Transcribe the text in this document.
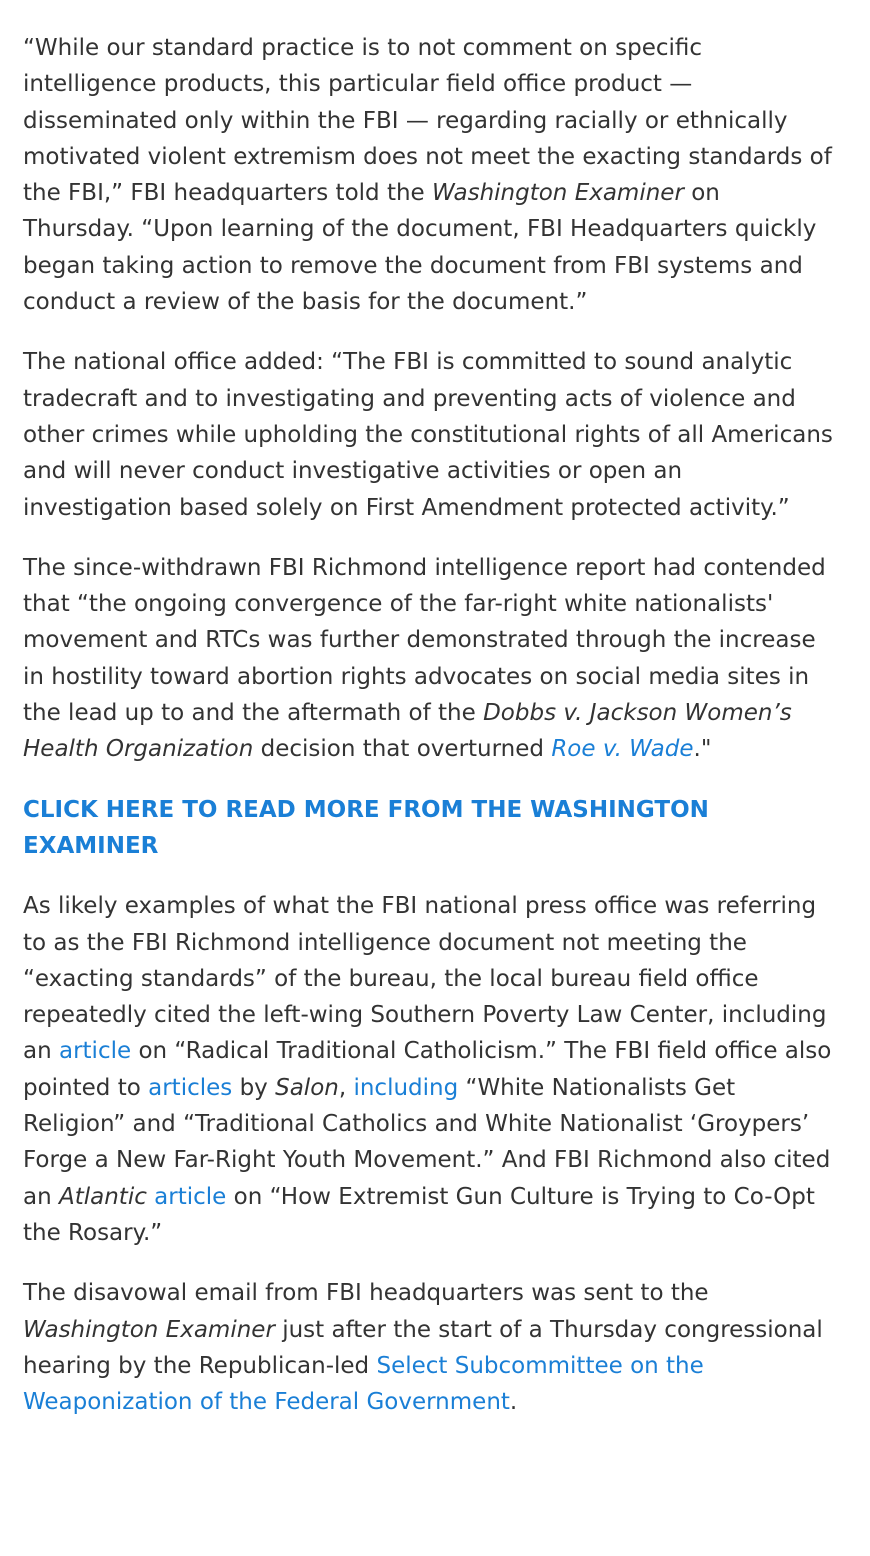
“While our standard practice is to not comment on specific intelligence products, this particular field office product — disseminated only within the FBI — regarding racially or ethnically motivated violent extremism does not meet the exacting standards of the FBI,” FBI headquarters told the Washington Examiner on Thursday. “Upon learning of the document, FBI Headquarters quickly began taking action to remove the document from FBI systems and conduct a review of the basis for the document.”

The national office added: “The FBI is committed to sound analytic tradecraft and to investigating and preventing acts of violence and other crimes while upholding the constitutional rights of all Americans and will never conduct investigative activities or open an investigation based solely on First Amendment protected activity.”

The since-withdrawn FBI Richmond intelligence report had contended that “the ongoing convergence of the far-right white nationalists' movement and RTCs was further demonstrated through the increase in hostility toward abortion rights advocates on social media sites in the lead up to and the aftermath of the Dobbs v. Jackson Women’s Health Organization decision that overturned Roe v. Wade."

CLICK HERE TO READ MORE FROM THE WASHINGTON EXAMINER

As likely examples of what the FBI national press office was referring to as the FBI Richmond intelligence document not meeting the “exacting standards” of the bureau, the local bureau field office repeatedly cited the left-wing Southern Poverty Law Center, including an article on “Radical Traditional Catholicism.” The FBI field office also pointed to articles by Salon, including “White Nationalists Get Religion” and “Traditional Catholics and White Nationalist ‘Groypers’ Forge a New Far-Right Youth Movement.” And FBI Richmond also cited an Atlantic article on “How Extremist Gun Culture is Trying to Co-Opt the Rosary.”

The disavowal email from FBI headquarters was sent to the Washington Examiner just after the start of a Thursday congressional hearing by the Republican-led Select Subcommittee on the Weaponization of the Federal Government.
